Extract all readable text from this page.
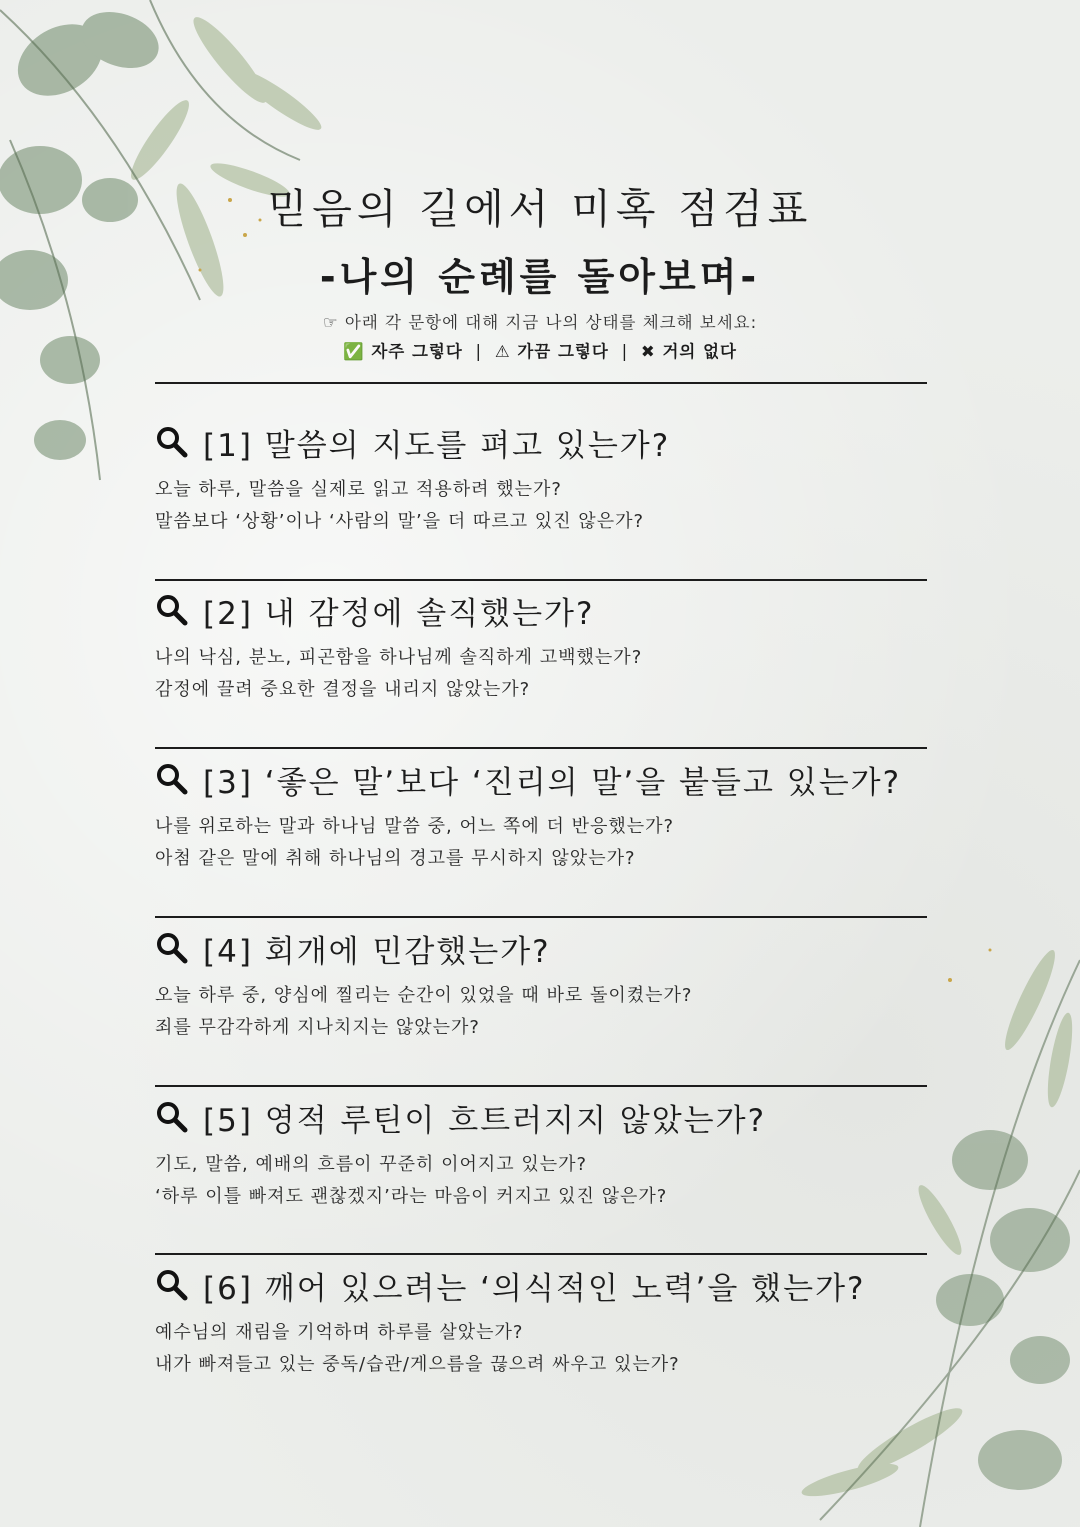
믿음의 길에서 미혹 점검표
-나의 순례를 돌아보며-
☞ 아래 각 문항에 대해 지금 나의 상태를 체크해 보세요:
✅ 자주 그렇다 | ⚠ 가끔 그렇다 | ✖ 거의 없다
[1] 말씀의 지도를 펴고 있는가?
오늘 하루, 말씀을 실제로 읽고 적용하려 했는가?
말씀보다 ‘상황’이나 ‘사람의 말’을 더 따르고 있진 않은가?
[2] 내 감정에 솔직했는가?
나의 낙심, 분노, 피곤함을 하나님께 솔직하게 고백했는가?
감정에 끌려 중요한 결정을 내리지 않았는가?
[3] ‘좋은 말’보다 ‘진리의 말’을 붙들고 있는가?
나를 위로하는 말과 하나님 말씀 중, 어느 쪽에 더 반응했는가?
아첨 같은 말에 취해 하나님의 경고를 무시하지 않았는가?
[4] 회개에 민감했는가?
오늘 하루 중, 양심에 찔리는 순간이 있었을 때 바로 돌이켰는가?
죄를 무감각하게 지나치지는 않았는가?
[5] 영적 루틴이 흐트러지지 않았는가?
기도, 말씀, 예배의 흐름이 꾸준히 이어지고 있는가?
‘하루 이틀 빠져도 괜찮겠지’라는 마음이 커지고 있진 않은가?
[6] 깨어 있으려는 ‘의식적인 노력’을 했는가?
예수님의 재림을 기억하며 하루를 살았는가?
내가 빠져들고 있는 중독/습관/게으름을 끊으려 싸우고 있는가?
